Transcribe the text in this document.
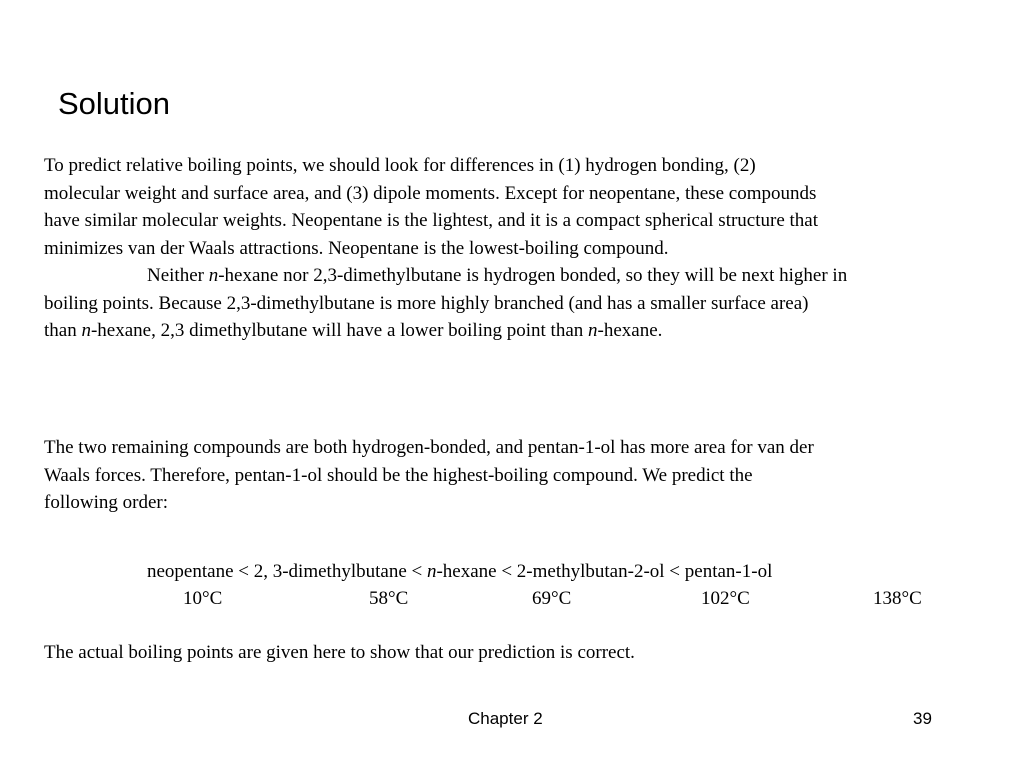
Solution
To predict relative boiling points, we should look for differences in (1) hydrogen bonding, (2)
molecular weight and surface area, and (3) dipole moments. Except for neopentane, these compounds
have similar molecular weights. Neopentane is the lightest, and it is a compact spherical structure that
minimizes van der Waals attractions. Neopentane is the lowest-boiling compound.
Neither n-hexane nor 2,3-dimethylbutane is hydrogen bonded, so they will be next higher in
boiling points. Because 2,3-dimethylbutane is more highly branched (and has a smaller surface area)
than n-hexane, 2,3 dimethylbutane will have a lower boiling point than n-hexane.
The two remaining compounds are both hydrogen-bonded, and pentan-1-ol has more area for van der
Waals forces. Therefore, pentan-1-ol should be the highest-boiling compound. We predict the
following order:
neopentane < 2, 3-dimethylbutane < n-hexane < 2-methylbutan-2-ol < pentan-1-ol
10°C	58°C	69°C	102°C	138°C

The actual boiling points are given here to show that our prediction is correct.

Chapter 2	39
